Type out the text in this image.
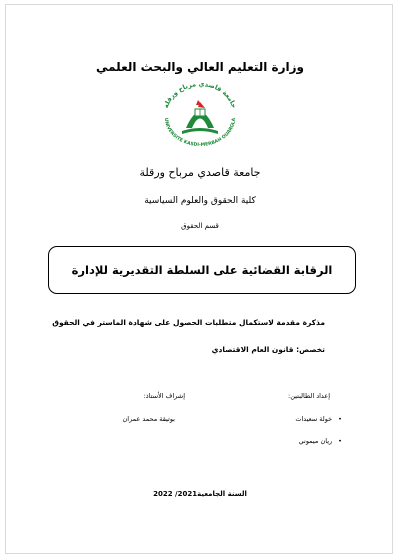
وزارة التعليم العالي والبحث العلمي
جامعة قاصدي مرباح ورقلة
UNIVERSITE KASDI-MERBAH OUARGLA
جامعة قاصدي مرباح ورقلة
كلية الحقوق والعلوم السياسية
قسم الحقوق
الرقابة القضائية على السلطة التقديرية للإدارة
مذكرة مقدمة لاستكمال متطلبات الحصول على شهادة الماستر في الحقوق
تخصص: قانون العام الاقتصادي
إعداد الطالبتين:
إشراف الأستاذ:
•خولة سعيدات
•ريان ميموني
بوتيقة محمد عمران
السنة الجامعية2021/ 2022
